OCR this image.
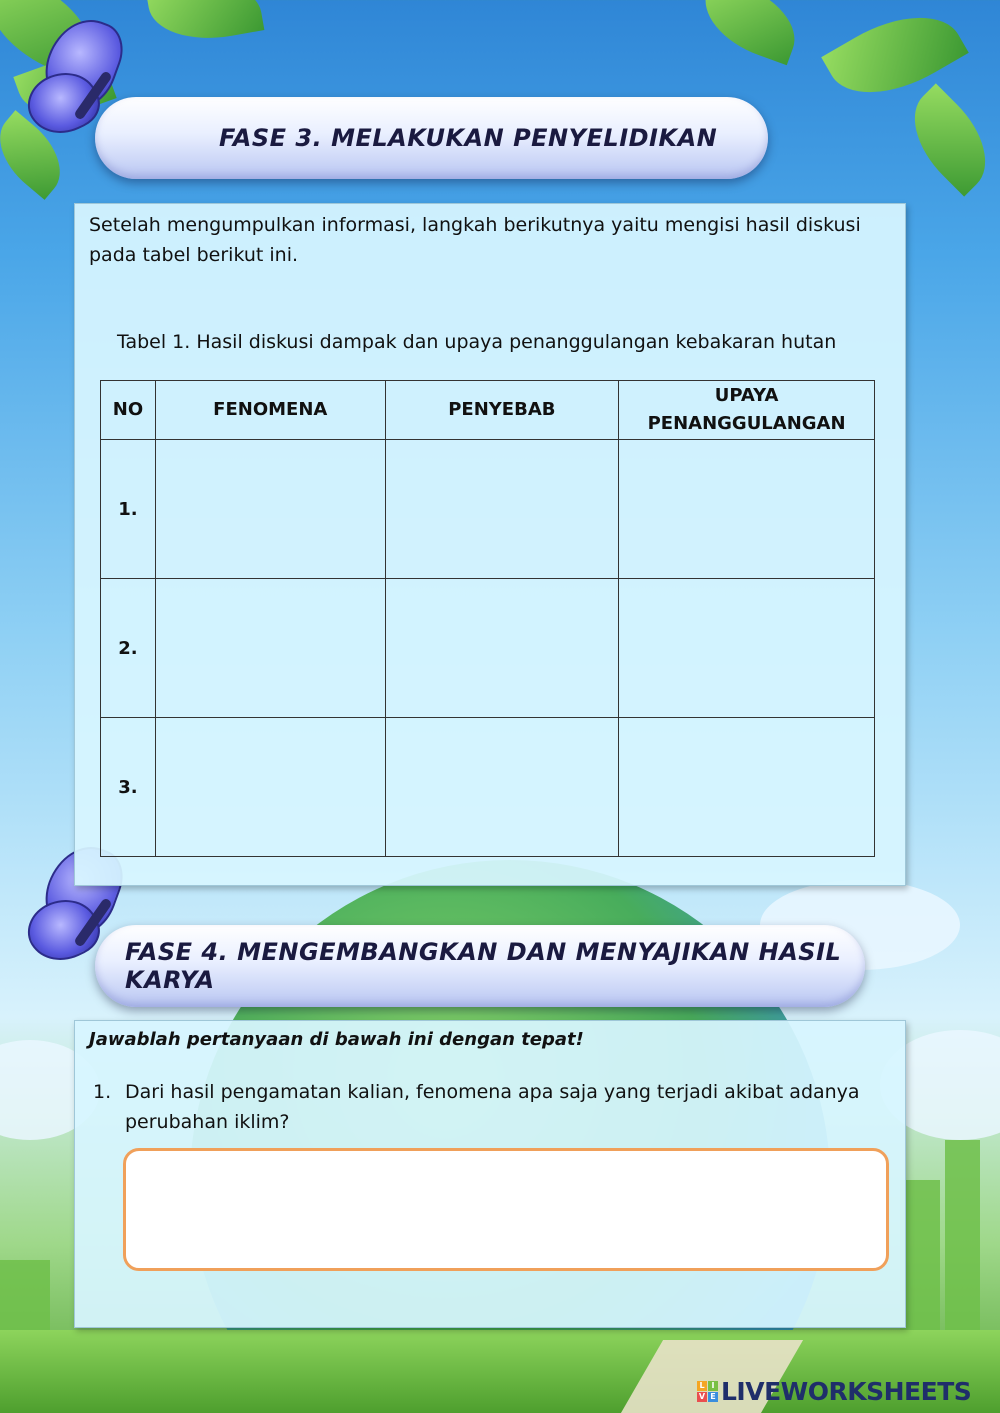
FASE 3. MELAKUKAN PENYELIDIKAN

Setelah mengumpulkan informasi, langkah berikutnya yaitu mengisi hasil diskusi pada tabel berikut ini.

Tabel 1. Hasil diskusi dampak dan upaya penanggulangan kebakaran hutan

NO	FENOMENA	PENYEBAB	UPAYA PENANGGULANGAN
1.			
2.			
3.			
FASE 4. MENGEMBANGKAN DAN MENYAJIKAN HASIL KARYA

Jawablah pertanyaan di bawah ini dengan tepat!

1. Dari hasil pengamatan kalian, fenomena apa saja yang terjadi akibat adanya perubahan iklim?
L I
V E LIVEWORKSHEETS
